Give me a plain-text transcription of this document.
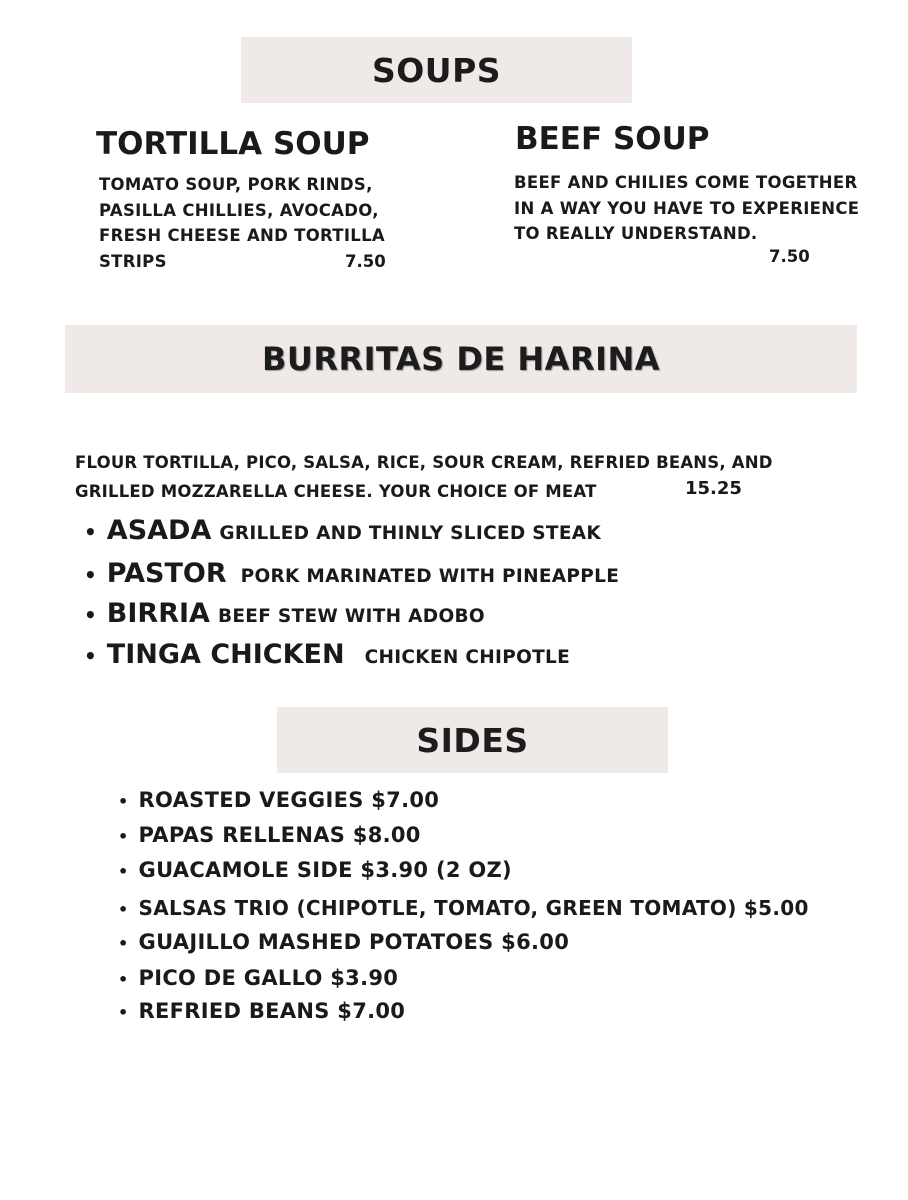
SOUPS
TORTILLA SOUP
TOMATO SOUP, PORK RINDS, PASILLA CHILLIES, AVOCADO, FRESH CHEESE AND TORTILLA STRIPS	7.50
BEEF SOUP
BEEF AND CHILIES COME TOGETHER IN A WAY YOU HAVE TO EXPERIENCE TO REALLY UNDERSTAND.
7.50
BURRITAS DE HARINA
FLOUR TORTILLA, PICO, SALSA, RICE, SOUR CREAM, REFRIED BEANS, AND GRILLED MOZZARELLA CHEESE. YOUR CHOICE OF MEAT	15.25
• ASADA GRILLED AND THINLY SLICED STEAK
• PASTOR PORK MARINATED WITH PINEAPPLE
• BIRRIA BEEF STEW WITH ADOBO
• TINGA CHICKEN CHICKEN CHIPOTLE
SIDES
• ROASTED VEGGIES $7.00
• PAPAS RELLENAS $8.00
• GUACAMOLE SIDE $3.90 (2 OZ)
• SALSAS TRIO (CHIPOTLE, TOMATO, GREEN TOMATO) $5.00
• GUAJILLO MASHED POTATOES $6.00
• PICO DE GALLO $3.90
• REFRIED BEANS $7.00
